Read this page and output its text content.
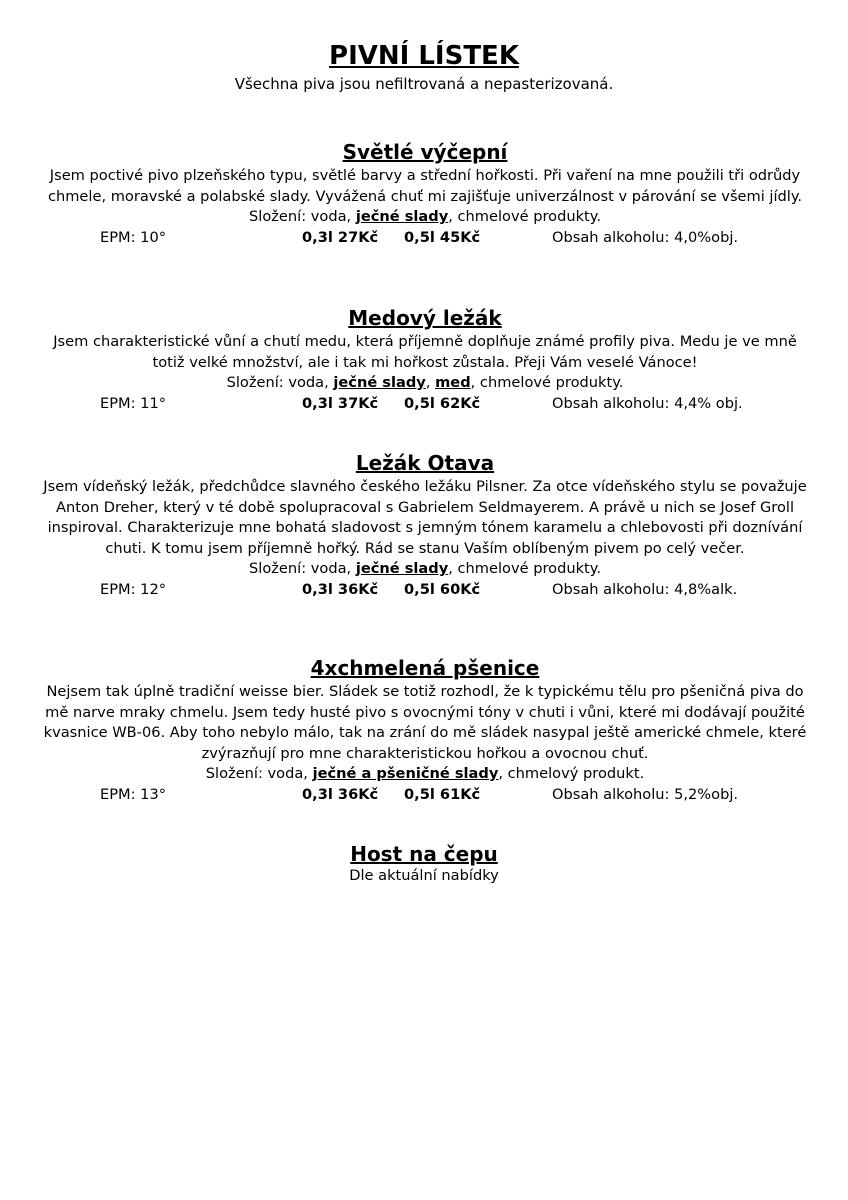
PIVNÍ LÍSTEK
Všechna piva jsou nefiltrovaná a nepasterizovaná.
Světlé výčepní

Jsem poctivé pivo plzeňského typu, světlé barvy a střední hořkosti. Při vaření na mne použili tři odrůdy chmele, moravské a polabské slady. Vyvážená chuť mi zajišťuje univerzálnost v párování se všemi jídly.

Složení: voda, ječné slady, chmelové produkty.

EPM: 10°	0,3l 27Kč 0,5l 45Kč	Obsah alkoholu: 4,0%obj.
Medový ležák

Jsem charakteristické vůní a chutí medu, která příjemně doplňuje známé profily piva. Medu je ve mně totiž velké množství, ale i tak mi hořkost zůstala. Přeji Vám veselé Vánoce!

Složení: voda, ječné slady, med, chmelové produkty.

EPM: 11°	0,3l 37Kč 0,5l 62Kč	Obsah alkoholu: 4,4% obj.
Ležák Otava

Jsem vídeňský ležák, předchůdce slavného českého ležáku Pilsner. Za otce vídeňského stylu se považuje Anton Dreher, který v té době spolupracoval s Gabrielem Seldmayerem. A právě u nich se Josef Groll inspiroval. Charakterizuje mne bohatá sladovost s jemným tónem karamelu a chlebovosti při doznívání chuti. K tomu jsem příjemně hořký. Rád se stanu Vaším oblíbeným pivem po celý večer.

Složení: voda, ječné slady, chmelové produkty.

EPM: 12°	0,3l 36Kč 0,5l 60Kč	Obsah alkoholu: 4,8%alk.
4xchmelená pšenice

Nejsem tak úplně tradiční weisse bier. Sládek se totiž rozhodl, že k typickému tělu pro pšeničná piva do mě narve mraky chmelu. Jsem tedy husté pivo s ovocnými tóny v chuti i vůni, které mi dodávají použité kvasnice WB-06. Aby toho nebylo málo, tak na zrání do mě sládek nasypal ještě americké chmele, které zvýrazňují pro mne charakteristickou hořkou a ovocnou chuť.

Složení: voda, ječné a pšeničné slady, chmelový produkt.

EPM: 13°	0,3l 36Kč 0,5l 61Kč	Obsah alkoholu: 5,2%obj.
Host na čepu

Dle aktuální nabídky
